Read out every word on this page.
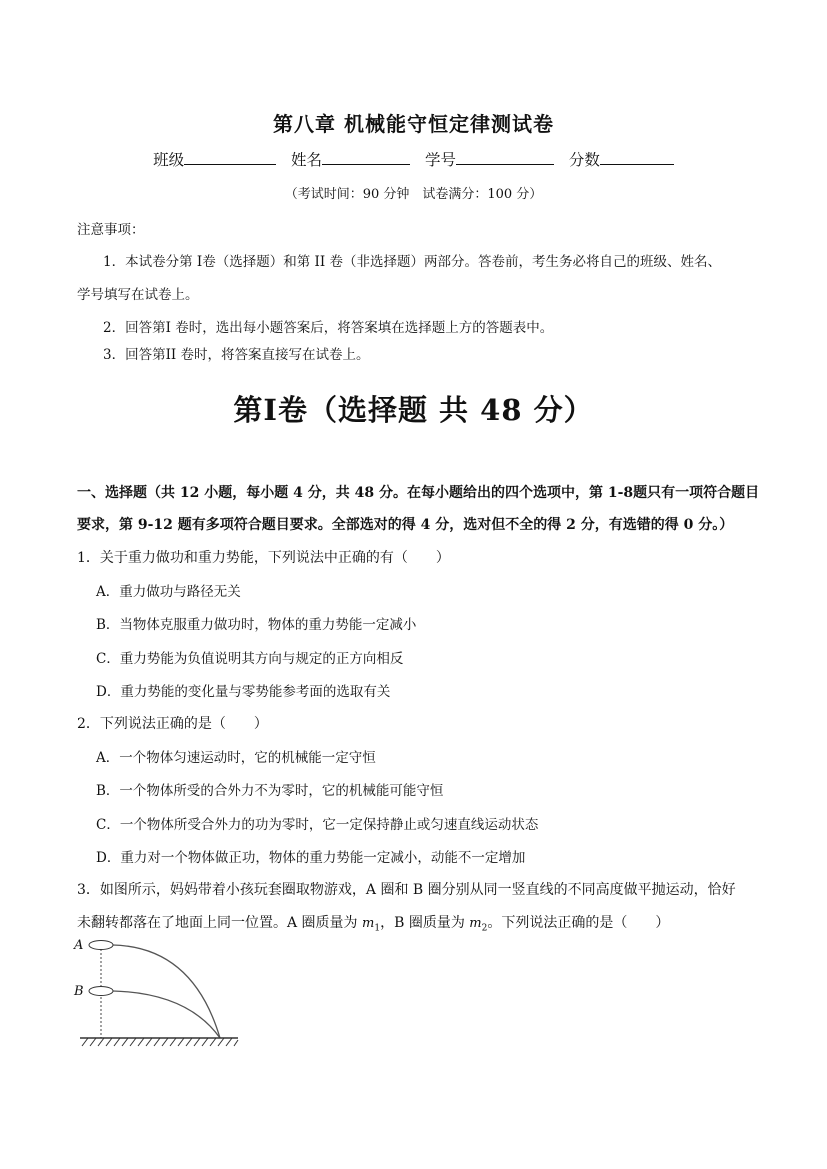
第八章 机械能守恒定律测试卷
班级	姓名	学号	分数
（考试时间：90 分钟　试卷满分：100 分）
注意事项：
1．本试卷分第 I卷（选择题）和第 II 卷（非选择题）两部分。答卷前，考生务必将自己的班级、姓名、
学号填写在试卷上。
2．回答第I 卷时，选出每小题答案后，将答案填在选择题上方的答题表中。
3．回答第II 卷时，将答案直接写在试卷上。
第I卷（选择题 共 48 分）
一、选择题（共 12 小题，每小题 4 分，共 48 分。在每小题给出的四个选项中，第 1-8题只有一项符合题目
要求，第 9-12 题有多项符合题目要求。全部选对的得 4 分，选对但不全的得 2 分，有选错的得 0 分。）
1．关于重力做功和重力势能，下列说法中正确的有（　　）
A．重力做功与路径无关
B．当物体克服重力做功时，物体的重力势能一定减小
C．重力势能为负值说明其方向与规定的正方向相反
D．重力势能的变化量与零势能参考面的选取有关
2．下列说法正确的是（　　）
A．一个物体匀速运动时，它的机械能一定守恒
B．一个物体所受的合外力不为零时，它的机械能可能守恒
C．一个物体所受合外力的功为零时，它一定保持静止或匀速直线运动状态
D．重力对一个物体做正功，物体的重力势能一定减小，动能不一定增加
3．如图所示，妈妈带着小孩玩套圈取物游戏，A 圈和 B 圈分别从同一竖直线的不同高度做平抛运动，恰好
未翻转都落在了地面上同一位置。A 圈质量为 $m_1$，B 圈质量为 $m_2$。下列说法正确的是（　　）
A
B
